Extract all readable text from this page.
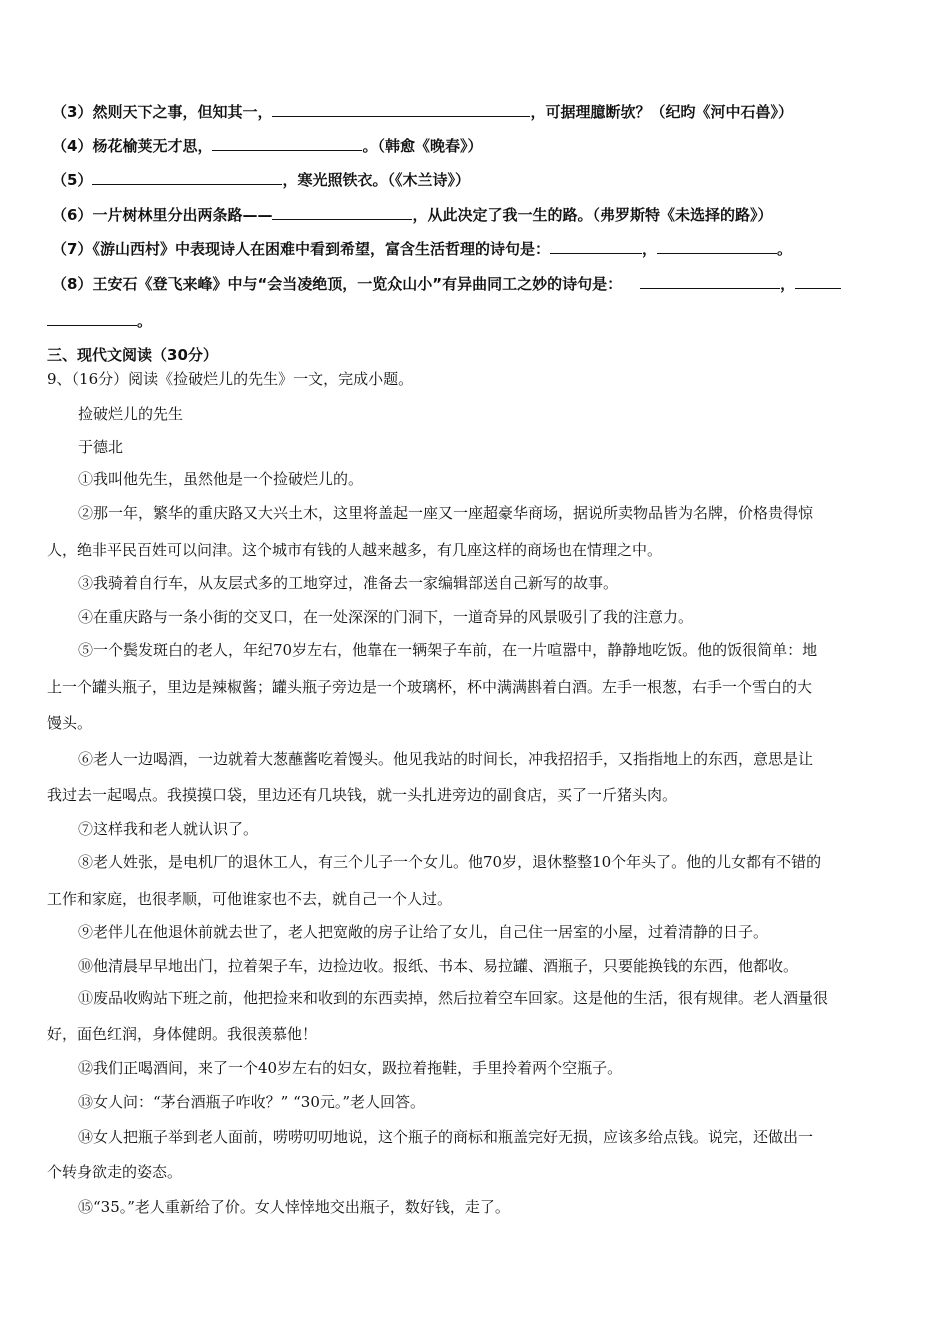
（3）然则天下之事，但知其一，	，可据理臆断欤？（纪昀《河中石兽》）
（4）杨花榆荚无才思，	。（韩愈《晚春》）
（5）	，寒光照铁衣。（《木兰诗》）
（6）一片树林里分出两条路——	，从此决定了我一生的路。（弗罗斯特《未选择的路》）
（7）《游山西村》中表现诗人在困难中看到希望，富含生活哲理的诗句是：	，	。
（8）王安石《登飞来峰》中与“会当凌绝顶，一览众山小”有异曲同工之妙的诗句是：	，
。
三、现代文阅读（30分）
9、（16分）阅读《捡破烂儿的先生》一文，完成小题。
捡破烂儿的先生
于德北
①我叫他先生，虽然他是一个捡破烂儿的。
②那一年，繁华的重庆路又大兴土木，这里将盖起一座又一座超豪华商场，据说所卖物品皆为名牌，价格贵得惊
人，绝非平民百姓可以问津。这个城市有钱的人越来越多，有几座这样的商场也在情理之中。
③我骑着自行车，从友层式多的工地穿过，准备去一家编辑部送自己新写的故事。
④在重庆路与一条小街的交叉口，在一处深深的门洞下，一道奇异的风景吸引了我的注意力。
⑤一个鬓发斑白的老人，年纪70岁左右，他靠在一辆架子车前，在一片喧嚣中，静静地吃饭。他的饭很简单：地
上一个罐头瓶子，里边是辣椒酱；罐头瓶子旁边是一个玻璃杯，杯中满满斟着白酒。左手一根葱，右手一个雪白的大
馒头。
⑥老人一边喝酒，一边就着大葱蘸酱吃着馒头。他见我站的时间长，冲我招招手，又指指地上的东西，意思是让
我过去一起喝点。我摸摸口袋，里边还有几块钱，就一头扎进旁边的副食店，买了一斤猪头肉。
⑦这样我和老人就认识了。
⑧老人姓张，是电机厂的退休工人，有三个儿子一个女儿。他70岁，退休整整10个年头了。他的儿女都有不错的
工作和家庭，也很孝顺，可他谁家也不去，就自己一个人过。
⑨老伴儿在他退休前就去世了，老人把宽敞的房子让给了女儿，自己住一居室的小屋，过着清静的日子。
⑩他清晨早早地出门，拉着架子车，边捡边收。报纸、书本、易拉罐、酒瓶子，只要能换钱的东西，他都收。
⑪废品收购站下班之前，他把捡来和收到的东西卖掉，然后拉着空车回家。这是他的生活，很有规律。老人酒量很
好，面色红润，身体健朗。我很羡慕他！
⑫我们正喝酒间，来了一个40岁左右的妇女，趿拉着拖鞋，手里拎着两个空瓶子。
⑬女人问：“茅台酒瓶子咋收？” “30元。”老人回答。
⑭女人把瓶子举到老人面前，唠唠叨叨地说，这个瓶子的商标和瓶盖完好无损，应该多给点钱。说完，还做出一
个转身欲走的姿态。
⑮“35。”老人重新给了价。女人悻悻地交出瓶子，数好钱，走了。
